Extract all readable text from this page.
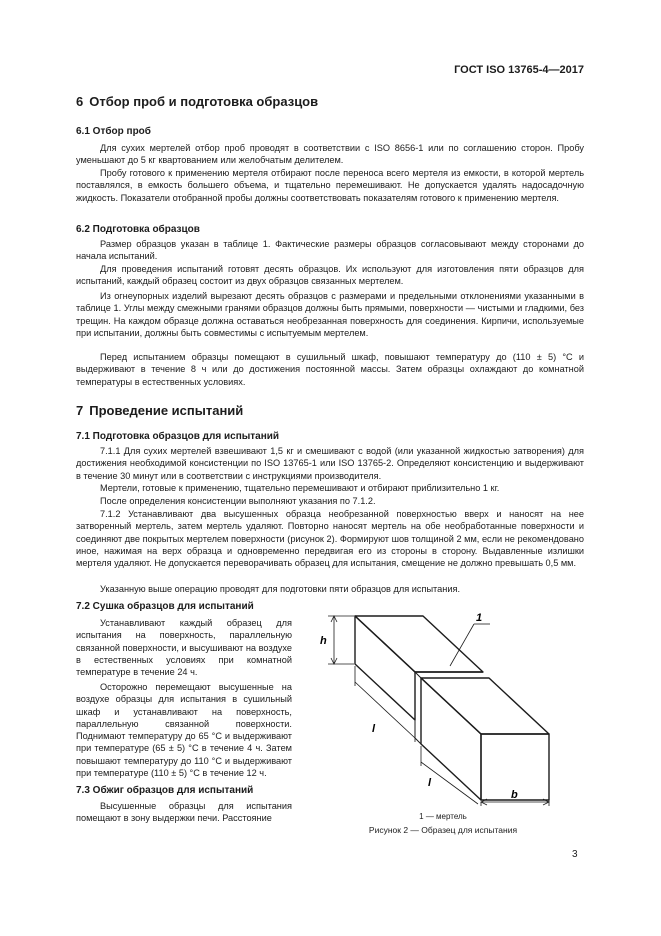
ГОСТ ISO 13765-4—2017

6 Отбор проб и подготовка образцов

6.1 Отбор проб

Для сухих мертелей отбор проб проводят в соответствии с ISO 8656-1 или по соглашению сторон. Пробу уменьшают до 5 кг квартованием или желобчатым делителем.

Пробу готового к применению мертеля отбирают после переноса всего мертеля из емкости, в которой мертель поставлялся, в емкость большего объема, и тщательно перемешивают. Не допускается удалять надосадочную жидкость. Показатели отобранной пробы должны соответствовать показателям готового к применению мертеля.

6.2 Подготовка образцов

Размер образцов указан в таблице 1. Фактические размеры образцов согласовывают между сторонами до начала испытаний.

Для проведения испытаний готовят десять образцов. Их используют для изготовления пяти образцов для испытаний, каждый образец состоит из двух образцов связанных мертелем.

Из огнеупорных изделий вырезают десять образцов с размерами и предельными отклонениями указанными в таблице 1. Углы между смежными гранями образцов должны быть прямыми, поверхности — чистыми и гладкими, без трещин. На каждом образце должна оставаться необрезанная поверхность для соединения. Кирпичи, используемые при испытании, должны быть совместимы с испытуемым мертелем.

Перед испытанием образцы помещают в сушильный шкаф, повышают температуру до (110 ± 5) °С и выдерживают в течение 8 ч или до достижения постоянной массы. Затем образцы охлаждают до комнатной температуры в естественных условиях.

7 Проведение испытаний

7.1 Подготовка образцов для испытаний

7.1.1 Для сухих мертелей взвешивают 1,5 кг и смешивают с водой (или указанной жидкостью затворения) для достижения необходимой консистенции по ISO 13765-1 или ISO 13765-2. Определяют консистенцию и выдерживают в течение 30 минут или в соответствии с инструкциями производителя.

Мертели, готовые к применению, тщательно перемешивают и отбирают приблизительно 1 кг.

После определения консистенции выполняют указания по 7.1.2.

7.1.2 Устанавливают два высушенных образца необрезанной поверхностью вверх и наносят на нее затворенный мертель, затем мертель удаляют. Повторно наносят мертель на обе необработанные поверхности и соединяют две покрытых мертелем поверхности (рисунок 2). Формируют шов толщиной 2 мм, если не рекомендовано иное, нажимая на верх образца и одновременно передвигая его из стороны в сторону. Выдавленные излишки мертеля удаляют. Не допускается переворачивать образец для испытания, смещение не должно превышать 0,5 мм.

Указанную выше операцию проводят для подготовки пяти образцов для испытания.

7.2 Сушка образцов для испытаний

Устанавливают каждый образец для испытания на поверхность, параллельную связанной поверхности, и высушивают на воздухе в естественных условиях при комнатной температуре в течение 24 ч.

Осторожно перемещают высушенные на воздухе образцы для испытания в сушильный шкаф и устанавливают на поверхность, параллельную связанной поверхности. Поднимают температуру до 65 °С и выдерживают при температуре (65 ± 5) °С в течение 4 ч. Затем повышают температуру до 110 °С и выдерживают при температуре (110 ± 5) °С в течение 12 ч.

7.3 Обжиг образцов для испытаний

Высушенные образцы для испытания помещают в зону выдержки печи. Расстояние

1
h
l
l
b
1 — мертель
Рисунок 2 — Образец для испытания
3
